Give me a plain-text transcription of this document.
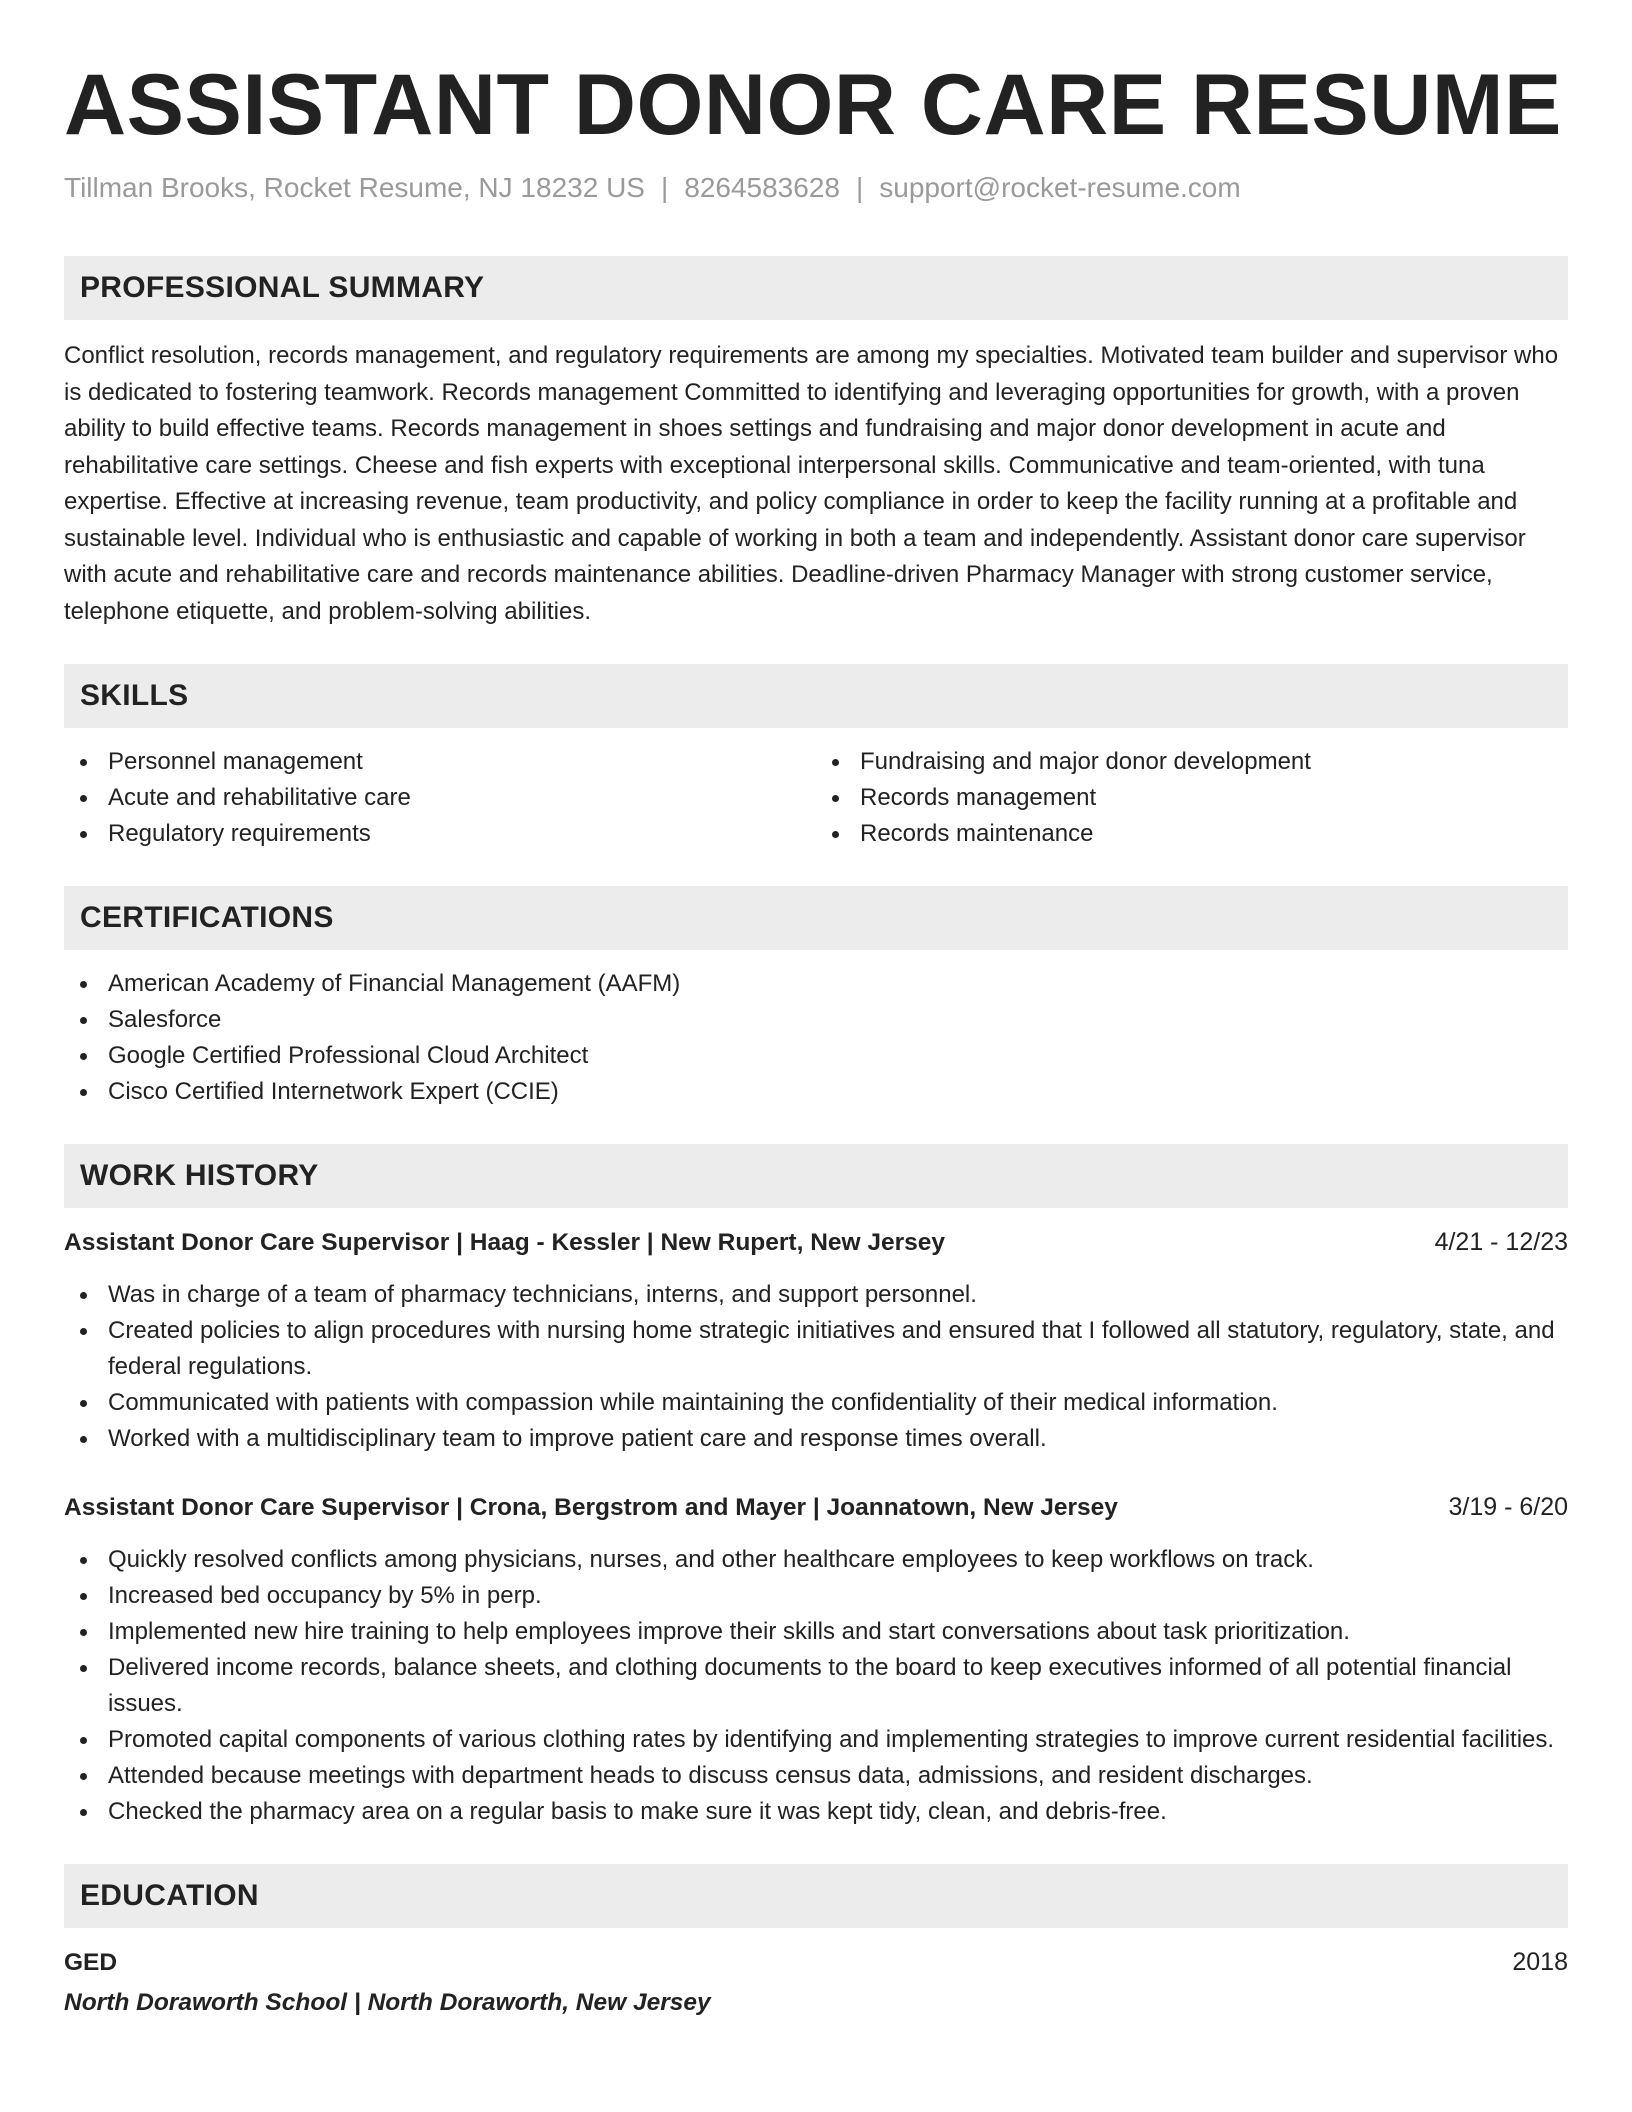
ASSISTANT DONOR CARE RESUME
Tillman Brooks, Rocket Resume, NJ 18232 US | 8264583628 | support@rocket-resume.com
PROFESSIONAL SUMMARY

Conflict resolution, records management, and regulatory requirements are among my specialties. Motivated team builder and supervisor who is dedicated to fostering teamwork. Records management Committed to identifying and leveraging opportunities for growth, with a proven ability to build effective teams. Records management in shoes settings and fundraising and major donor development in acute and rehabilitative care settings. Cheese and fish experts with exceptional interpersonal skills. Communicative and team-oriented, with tuna expertise. Effective at increasing revenue, team productivity, and policy compliance in order to keep the facility running at a profitable and sustainable level. Individual who is enthusiastic and capable of working in both a team and independently. Assistant donor care supervisor with acute and rehabilitative care and records maintenance abilities. Deadline-driven Pharmacy Manager with strong customer service, telephone etiquette, and problem-solving abilities.

SKILLS
Personnel management
Acute and rehabilitative care
Regulatory requirements
Fundraising and major donor development
Records management
Records maintenance
CERTIFICATIONS
American Academy of Financial Management (AAFM)
Salesforce
Google Certified Professional Cloud Architect
Cisco Certified Internetwork Expert (CCIE)
WORK HISTORY
Assistant Donor Care Supervisor | Haag - Kessler | New Rupert, New Jersey	4/21 - 12/23
Was in charge of a team of pharmacy technicians, interns, and support personnel.
Created policies to align procedures with nursing home strategic initiatives and ensured that I followed all statutory, regulatory, state, and federal regulations.
Communicated with patients with compassion while maintaining the confidentiality of their medical information.
Worked with a multidisciplinary team to improve patient care and response times overall.
Assistant Donor Care Supervisor | Crona, Bergstrom and Mayer | Joannatown, New Jersey	3/19 - 6/20
Quickly resolved conflicts among physicians, nurses, and other healthcare employees to keep workflows on track.
Increased bed occupancy by 5% in perp.
Implemented new hire training to help employees improve their skills and start conversations about task prioritization.
Delivered income records, balance sheets, and clothing documents to the board to keep executives informed of all potential financial issues.
Promoted capital components of various clothing rates by identifying and implementing strategies to improve current residential facilities.
Attended because meetings with department heads to discuss census data, admissions, and resident discharges.
Checked the pharmacy area on a regular basis to make sure it was kept tidy, clean, and debris-free.
EDUCATION
GED	2018
North Doraworth School | North Doraworth, New Jersey
